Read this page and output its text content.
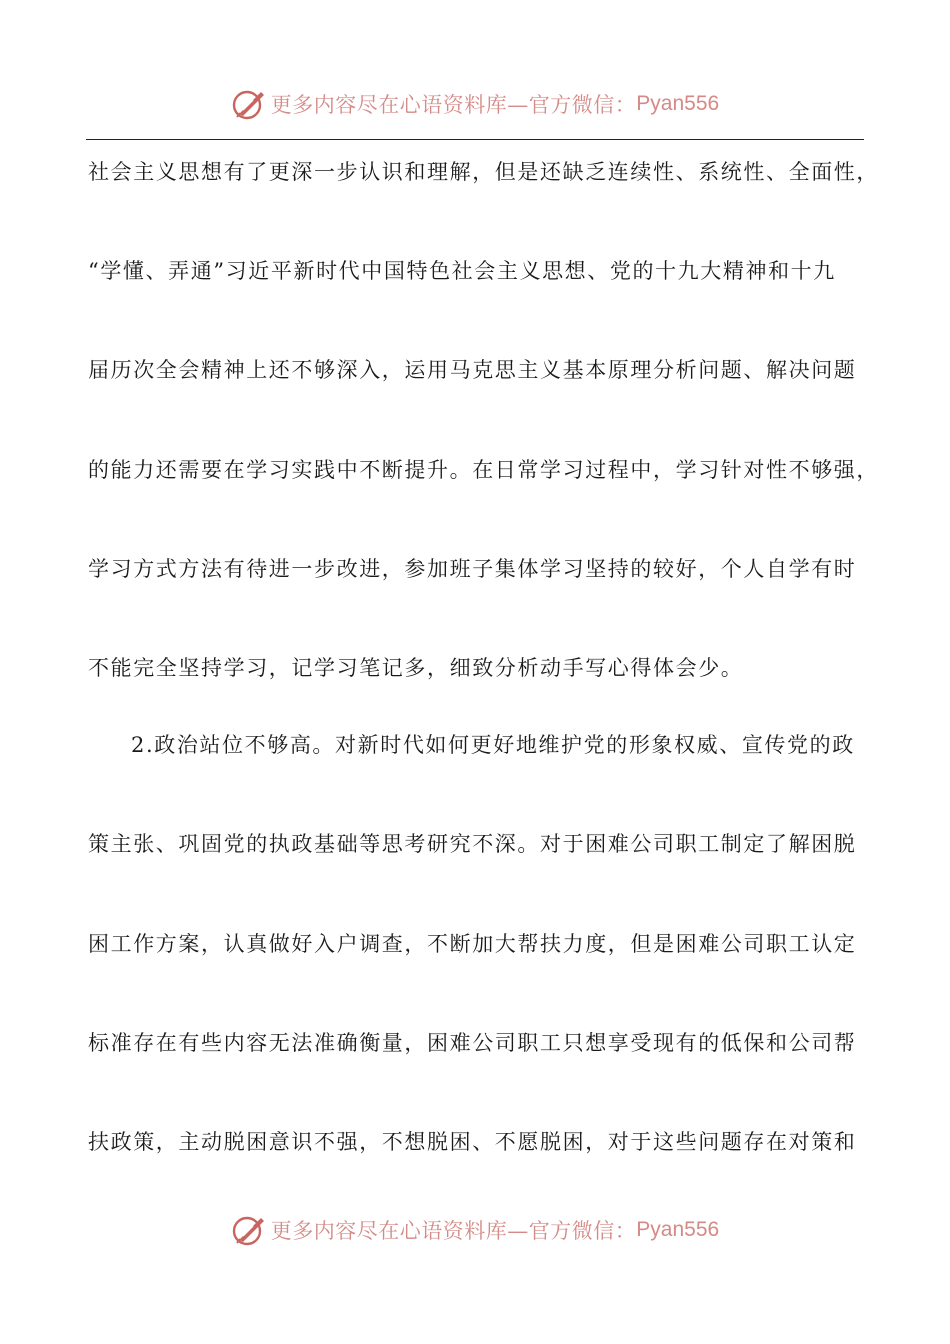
更多内容尽在心语资料库—官方微信： Pyan556
社会主义思想有了更深一步认识和理解，但是还缺乏连续性、系统性、全面性，
“学懂、弄通”习近平新时代中国特色社会主义思想、党的十九大精神和十九
届历次全会精神上还不够深入，运用马克思主义基本原理分析问题、解决问题
的能力还需要在学习实践中不断提升。在日常学习过程中，学习针对性不够强，
学习方式方法有待进一步改进，参加班子集体学习坚持的较好，个人自学有时
不能完全坚持学习，记学习笔记多，细致分析动手写心得体会少。
2.政治站位不够高。对新时代如何更好地维护党的形象权威、宣传党的政
策主张、巩固党的执政基础等思考研究不深。对于困难公司职工制定了解困脱
困工作方案，认真做好入户调查，不断加大帮扶力度，但是困难公司职工认定
标准存在有些内容无法准确衡量，困难公司职工只想享受现有的低保和公司帮
扶政策，主动脱困意识不强，不想脱困、不愿脱困，对于这些问题存在对策和
更多内容尽在心语资料库—官方微信： Pyan556
